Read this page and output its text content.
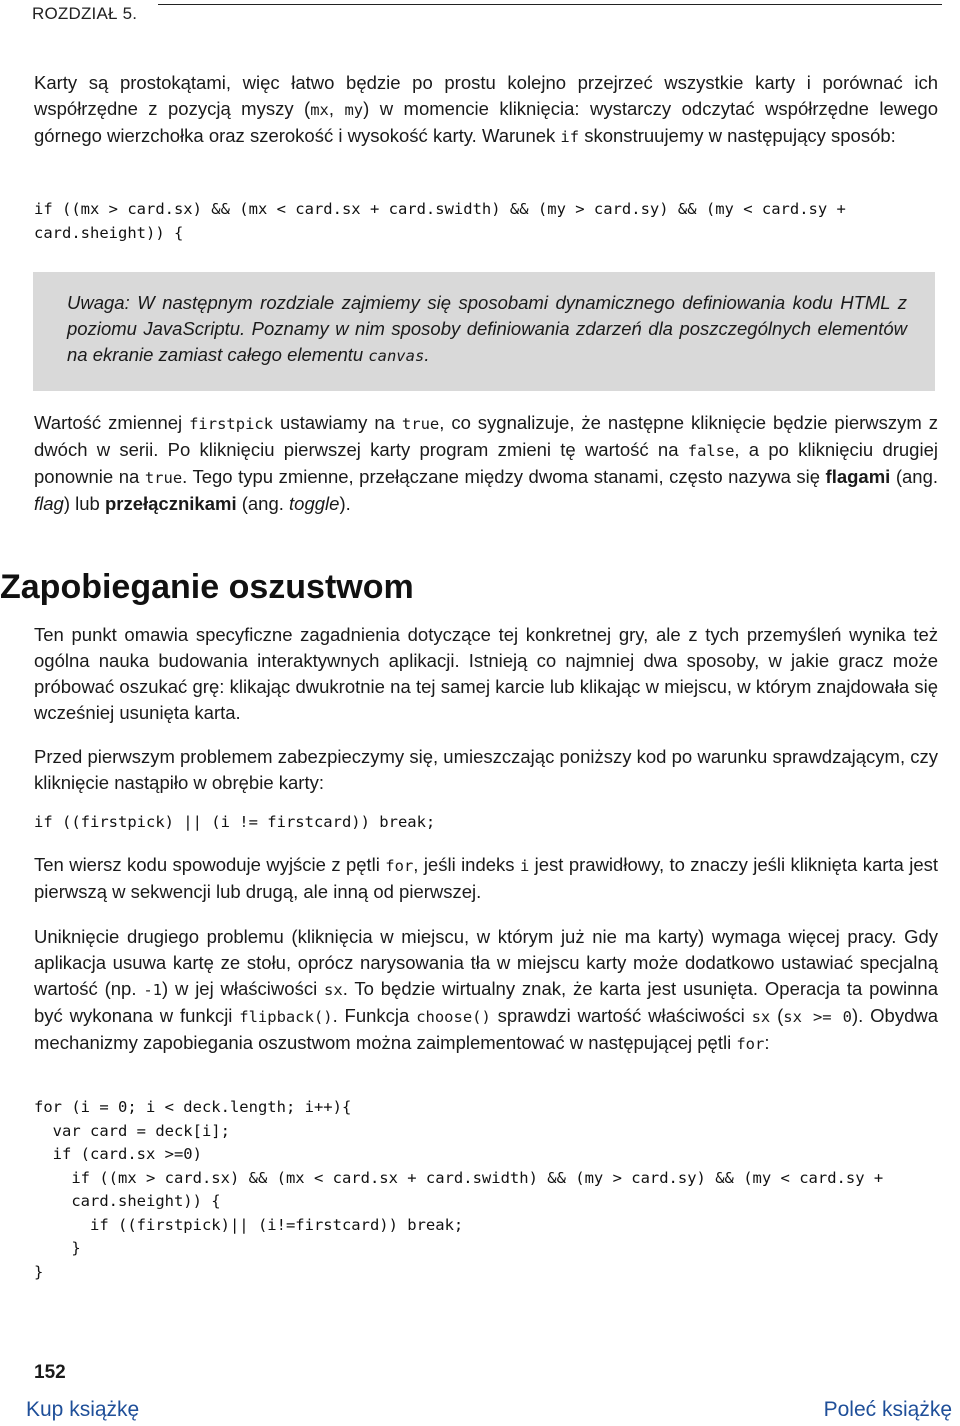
ROZDZIAŁ 5.

Karty są prostokątami, więc łatwo będzie po prostu kolejno przejrzeć wszystkie karty i porównać ich współrzędne z pozycją myszy (mx, my) w momencie kliknięcia: wystarczy odczytać współrzędne lewego górnego wierzchołka oraz szerokość i wysokość karty. Warunek if skonstruujemy w następujący sposób:

if ((mx > card.sx) && (mx < card.sx + card.swidth) && (my > card.sy) && (my < card.sy +
card.sheight)) {

Uwaga: W następnym rozdziale zajmiemy się sposobami dynamicznego definiowania kodu HTML z poziomu JavaScriptu. Poznamy w nim sposoby definiowania zdarzeń dla poszczególnych elementów na ekranie zamiast całego elementu canvas.

Wartość zmiennej firstpick ustawiamy na true, co sygnalizuje, że następne kliknięcie będzie pierwszym z dwóch w serii. Po kliknięciu pierwszej karty program zmieni tę wartość na false, a po kliknięciu drugiej ponownie na true. Tego typu zmienne, przełączane między dwoma stanami, często nazywa się flagami (ang. flag) lub przełącznikami (ang. toggle).

Zapobieganie oszustwom

Ten punkt omawia specyficzne zagadnienia dotyczące tej konkretnej gry, ale z tych przemyśleń wynika też ogólna nauka budowania interaktywnych aplikacji. Istnieją co najmniej dwa sposoby, w jakie gracz może próbować oszukać grę: klikając dwukrotnie na tej samej karcie lub klikając w miejscu, w którym znajdowała się wcześniej usunięta karta.

Przed pierwszym problemem zabezpieczymy się, umieszczając poniższy kod po warunku sprawdzającym, czy kliknięcie nastąpiło w obrębie karty:

if ((firstpick) || (i != firstcard)) break;

Ten wiersz kodu spowoduje wyjście z pętli for, jeśli indeks i jest prawidłowy, to znaczy jeśli kliknięta karta jest pierwszą w sekwencji lub drugą, ale inną od pierwszej.

Uniknięcie drugiego problemu (kliknięcia w miejscu, w którym już nie ma karty) wymaga więcej pracy. Gdy aplikacja usuwa kartę ze stołu, oprócz narysowania tła w miejscu karty może dodatkowo ustawiać specjalną wartość (np. -1) w jej właściwości sx. To będzie wirtualny znak, że karta jest usunięta. Operacja ta powinna być wykonana w funkcji flipback(). Funkcja choose() sprawdzi wartość właściwości sx (sx >= 0). Obydwa mechanizmy zapobiegania oszustwom można zaimplementować w następującej pętli for:

for (i = 0; i < deck.length; i++){
var card = deck[i];
if (card.sx >=0)
if ((mx > card.sx) && (mx < card.sx + card.swidth) && (my > card.sy) && (my < card.sy +
card.sheight)) {
if ((firstpick)|| (i!=firstcard)) break;
}
}
152
Kup książkę	Poleć książkę
